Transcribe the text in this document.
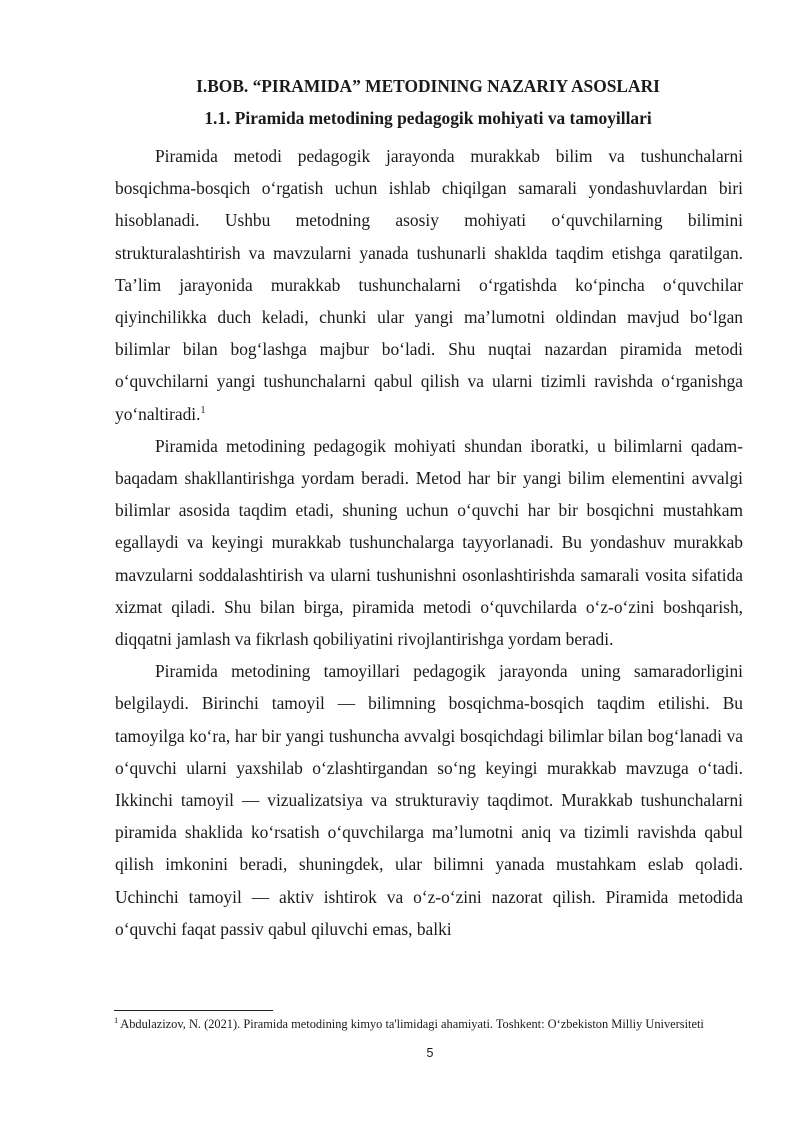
I.BOB. “PIRAMIDA” METODINING NAZARIY ASOSLARI
1.1. Piramida metodining pedagogik mohiyati va tamoyillari

Piramida metodi pedagogik jarayonda murakkab bilim va tushunchalarni bosqichma-bosqich o‘rgatish uchun ishlab chiqilgan samarali yondashuvlardan biri hisoblanadi. Ushbu metodning asosiy mohiyati o‘quvchilarning bilimini strukturalashtirish va mavzularni yanada tushunarli shaklda taqdim etishga qaratilgan. Ta’lim jarayonida murakkab tushunchalarni o‘rgatishda ko‘pincha o‘quvchilar qiyinchilikka duch keladi, chunki ular yangi ma’lumotni oldindan mavjud bo‘lgan bilimlar bilan bog‘lashga majbur bo‘ladi. Shu nuqtai nazardan piramida metodi o‘quvchilarni yangi tushunchalarni qabul qilish va ularni tizimli ravishda o‘rganishga yo‘naltiradi.$^1$

Piramida metodining pedagogik mohiyati shundan iboratki, u bilimlarni qadam-baqadam shakllantirishga yordam beradi. Metod har bir yangi bilim elementini avvalgi bilimlar asosida taqdim etadi, shuning uchun o‘quvchi har bir bosqichni mustahkam egallaydi va keyingi murakkab tushunchalarga tayyorlanadi. Bu yondashuv murakkab mavzularni soddalashtirish va ularni tushunishni osonlashtirishda samarali vosita sifatida xizmat qiladi. Shu bilan birga, piramida metodi o‘quvchilarda o‘z-o‘zini boshqarish, diqqatni jamlash va fikrlash qobiliyatini rivojlantirishga yordam beradi.

Piramida metodining tamoyillari pedagogik jarayonda uning samaradorligini belgilaydi. Birinchi tamoyil — bilimning bosqichma-bosqich taqdim etilishi. Bu tamoyilga ko‘ra, har bir yangi tushuncha avvalgi bosqichdagi bilimlar bilan bog‘lanadi va o‘quvchi ularni yaxshilab o‘zlashtirgandan so‘ng keyingi murakkab mavzuga o‘tadi. Ikkinchi tamoyil — vizualizatsiya va strukturaviy taqdimot. Murakkab tushunchalarni piramida shaklida ko‘rsatish o‘quvchilarga ma’lumotni aniq va tizimli ravishda qabul qilish imkonini beradi, shuningdek, ular bilimni yanada mustahkam eslab qoladi. Uchinchi tamoyil — aktiv ishtirok va o‘z-o‘zini nazorat qilish. Piramida metodida o‘quvchi faqat passiv qabul qiluvchi emas, balki

$^1$ Abdulazizov, N. (2021). Piramida metodining kimyo ta'limidagi ahamiyati. Toshkent: O‘zbekiston Milliy Universiteti
5
